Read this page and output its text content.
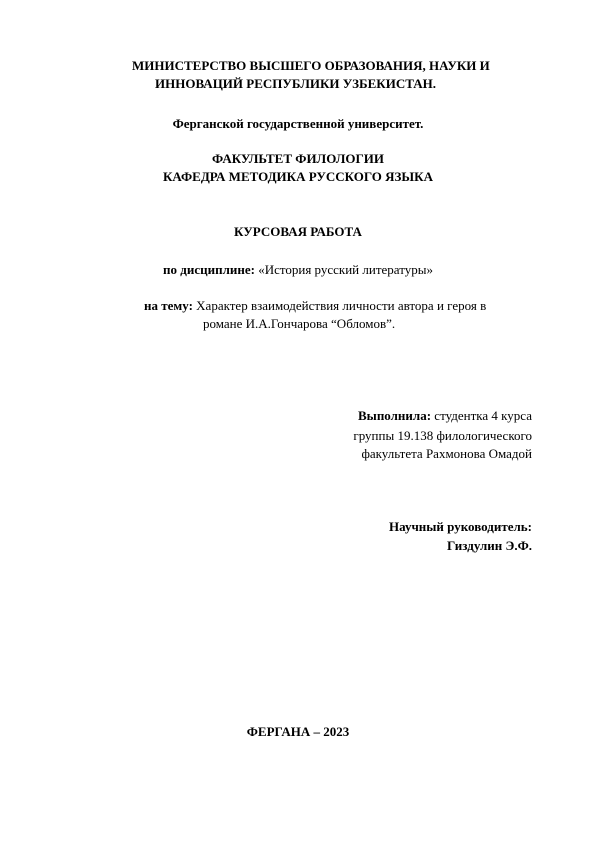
МИНИСТЕРСТВО ВЫСШЕГО ОБРАЗОВАНИЯ, НАУКИ И
ИННОВАЦИЙ РЕСПУБЛИКИ УЗБЕКИСТАН.
Ферганской государственной университет.
ФАКУЛЬТЕТ ФИЛОЛОГИИ
КАФЕДРА МЕТОДИКА РУССКОГО ЯЗЫКА
КУРСОВАЯ РАБОТА
по дисциплине: «История русский литературы»
на тему: Характер взаимодействия личности автора и героя в
романе И.А.Гончарова “Обломов”.
Выполнила: студентка 4 курса
группы 19.138 филологического
факультета Рахмонова Омадой
Научный руководитель:
Гиздулин Э.Ф.
ФЕРГАНА – 2023
